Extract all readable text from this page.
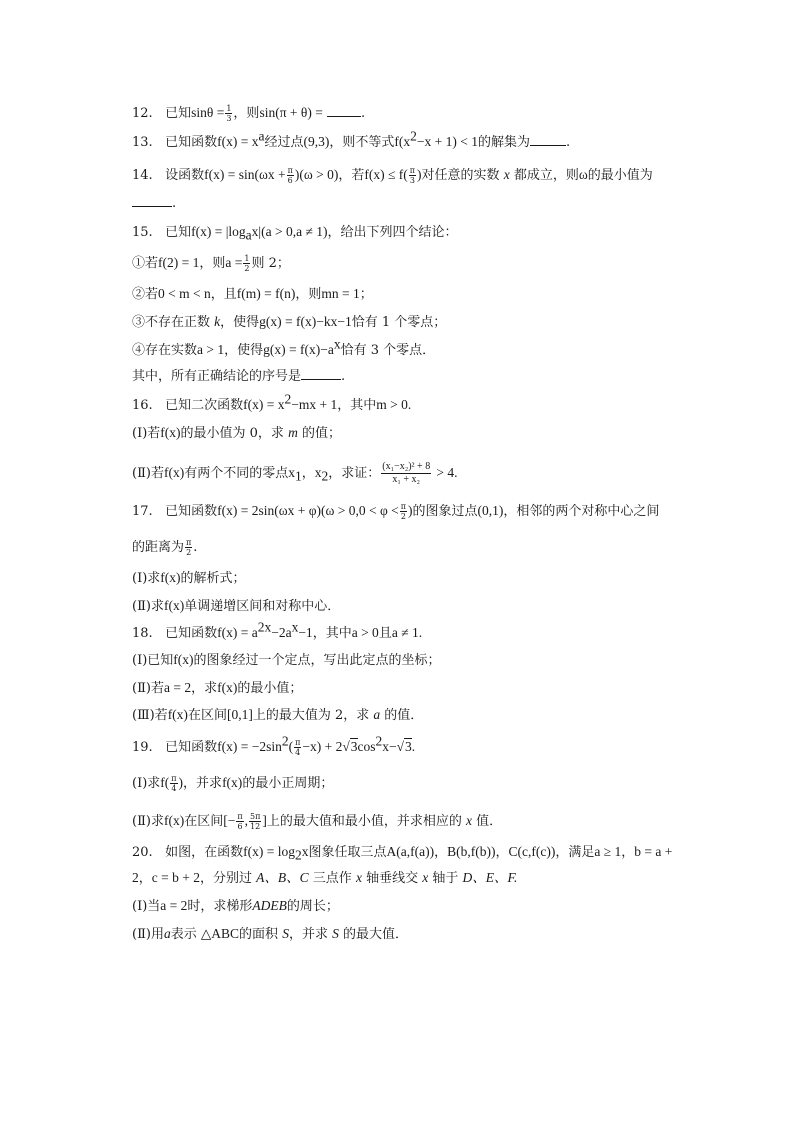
12. 已知$\sin\theta = \frac{1}{3}$ ，则sin(π + θ) =	.
13. 已知函数$f(x) = x^a$经过点(9,3)，则不等式$f(x^2-x + 1) < 1$的解集为	.
14. 设函数$f(x) = \sin(\omega x + \frac{\pi}{6} )(\omega > 0)$，若$f(x) \le f( \frac{\pi}{3}$ )对任意的实数 x 都成立，则ω的最小值为
.
15. 已知$f(x) = |\log_ax|(a > 0,a \ne 1)$，给出下列四个结论：
①若f(2) = 1，则$a = \frac{1}{2}$ 则 2；
②若0 < m < n，且f(m) = f(n)，则mn = 1；
③不存在正数 k，使得g(x) = f(x)−kx−1恰有 1 个零点；
④存在实数a > 1，使得$g(x) = f(x)-a^x$恰有 3 个零点．
其中，所有正确结论的序号是	.
16. 已知二次函数$f(x) = x^2-mx + 1$，其中m > 0.
(Ⅰ)若f(x)的最小值为 0，求 m 的值；
(Ⅱ)若f(x)有两个不同的零点$x_1$，$x_2$，求证： $\frac{\text{(x₁−x₂)² + 8}}{\text{x₁ + x₂}} > 4$.
17. 已知函数$f(x) = 2\sin(\omega x + \varphi)(\omega > 0,0 < \varphi < \frac{\pi}{2}$ )的图象过点(0,1)，相邻的两个对称中心之间
的距离为 $\frac{\pi}{2}$ .
(Ⅰ)求f(x)的解析式；
(Ⅱ)求f(x)单调递增区间和对称中心．
18. 已知函数$f(x) = a^{2x}-2a^x-1$，其中a > 0且a ≠ 1.
(Ⅰ)已知f(x)的图象经过一个定点，写出此定点的坐标；
(Ⅱ)若a = 2，求f(x)的最小值；
(Ⅲ)若f(x)在区间[0,1]上的最大值为 2，求 a 的值．
19. 已知函数$f(x) = -2\sin^2( \frac{\pi}{4} -x) + 2√3\cos^2x-√3$.
(Ⅰ)求$f( \frac{\pi}{4}$ )，并求f(x)的最小正周期；
(Ⅱ)求f(x)在区间[− $\frac{\pi}{6}$ , $\frac{5\pi}{12}$ ]上的最大值和最小值，并求相应的 x 值．
20. 如图，在函数$f(x) = \log_2x$图象任取三点A(a,f(a))，B(b,f(b))，C(c,f(c))，满足a ≥ 1，b = a +
2，c = b + 2，分别过 A、B、C 三点作 x 轴垂线交 x 轴于 D、E、F.
(Ⅰ)当a = 2时，求梯形ADEB的周长；
(Ⅱ)用a表示 △ABC的面积 S，并求 S 的最大值．
